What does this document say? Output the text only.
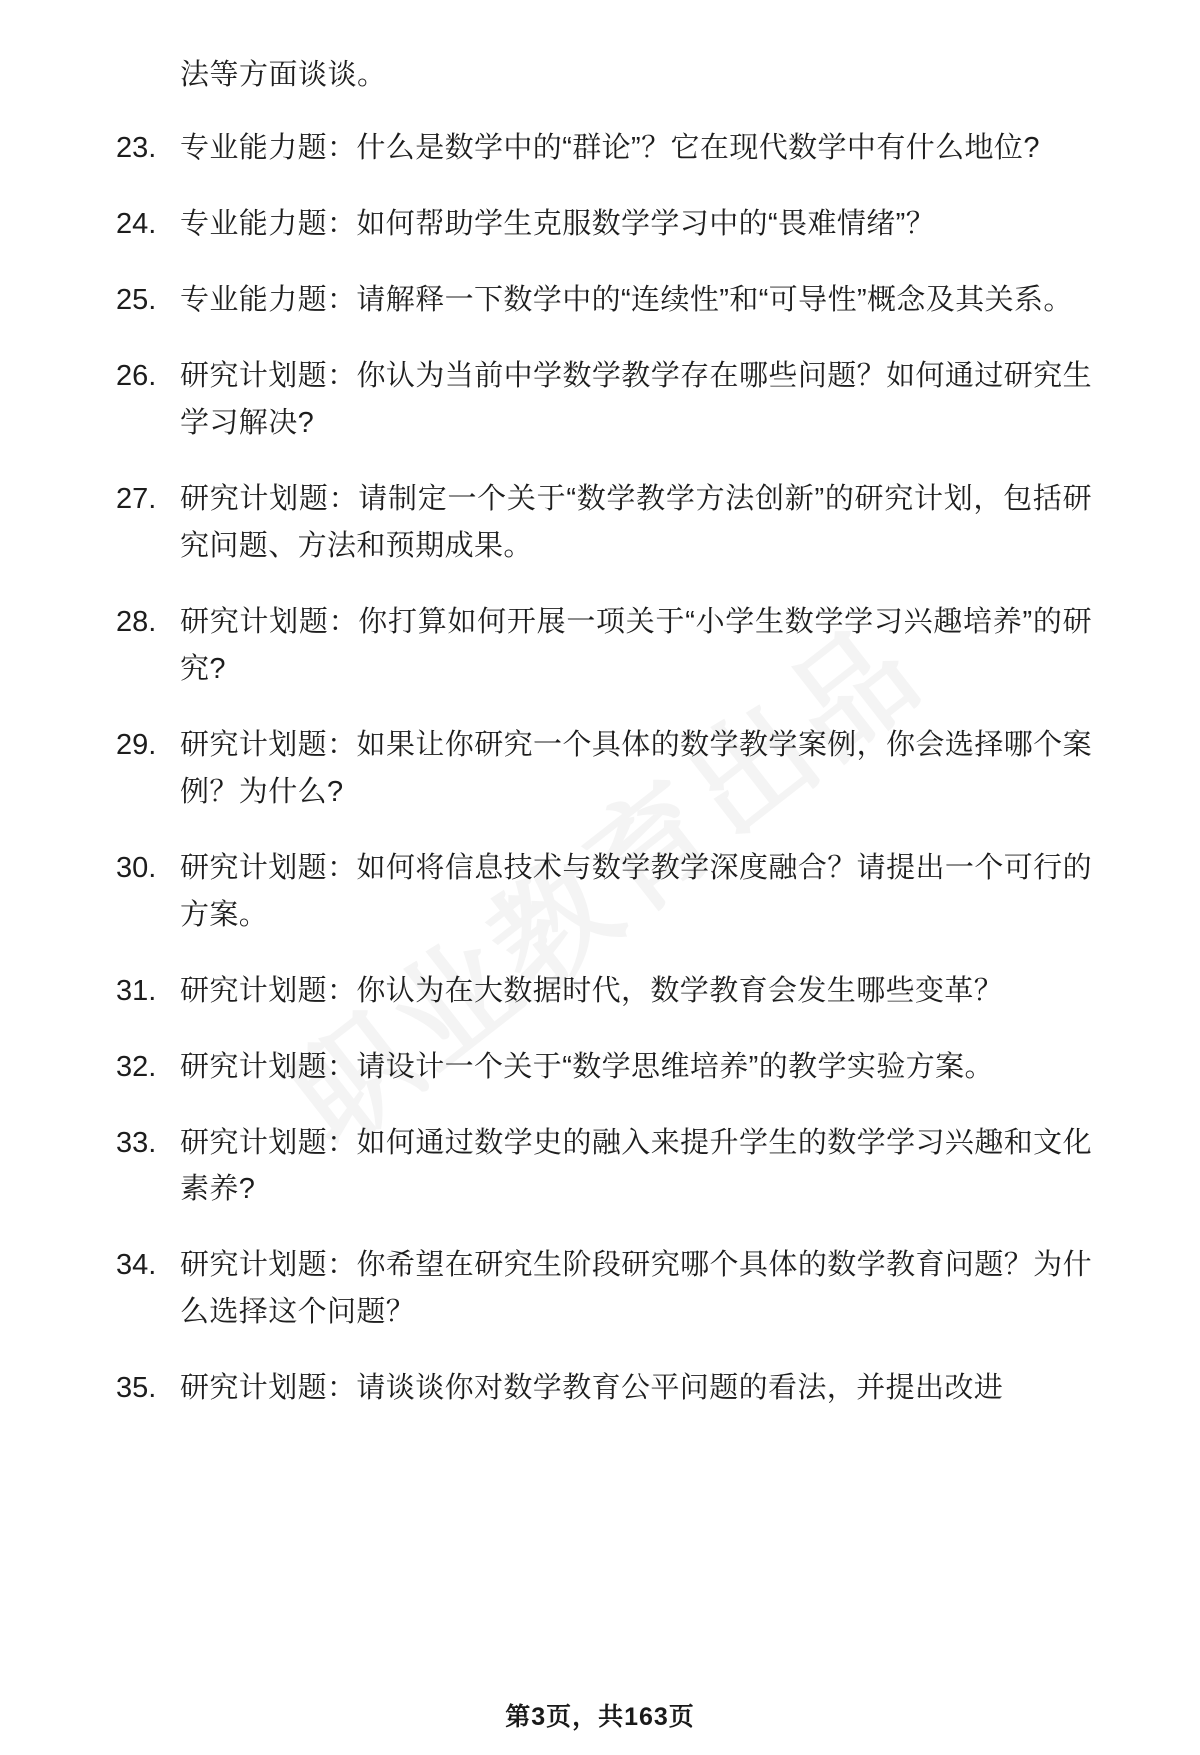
法等方面谈谈。

23. 专业能力题：什么是数学中的“群论”？它在现代数学中有什么地位?
24. 专业能力题：如何帮助学生克服数学学习中的“畏难情绪”？
25. 专业能力题：请解释一下数学中的“连续性”和“可导性”概念及其关系。
26. 研究计划题：你认为当前中学数学教学存在哪些问题？如何通过研究生学习解决?
27. 研究计划题：请制定一个关于“数学教学方法创新”的研究计划，包括研究问题、方法和预期成果。
28. 研究计划题：你打算如何开展一项关于“小学生数学学习兴趣培养”的研究?
29. 研究计划题：如果让你研究一个具体的数学教学案例，你会选择哪个案例？为什么?
30. 研究计划题：如何将信息技术与数学教学深度融合？请提出一个可行的方案。
31. 研究计划题：你认为在大数据时代，数学教育会发生哪些变革？
32. 研究计划题：请设计一个关于“数学思维培养”的教学实验方案。
33. 研究计划题：如何通过数学史的融入来提升学生的数学学习兴趣和文化素养?
34. 研究计划题：你希望在研究生阶段研究哪个具体的数学教育问题？为什么选择这个问题？
35. 研究计划题：请谈谈你对数学教育公平问题的看法，并提出改进
第3页，共163页
